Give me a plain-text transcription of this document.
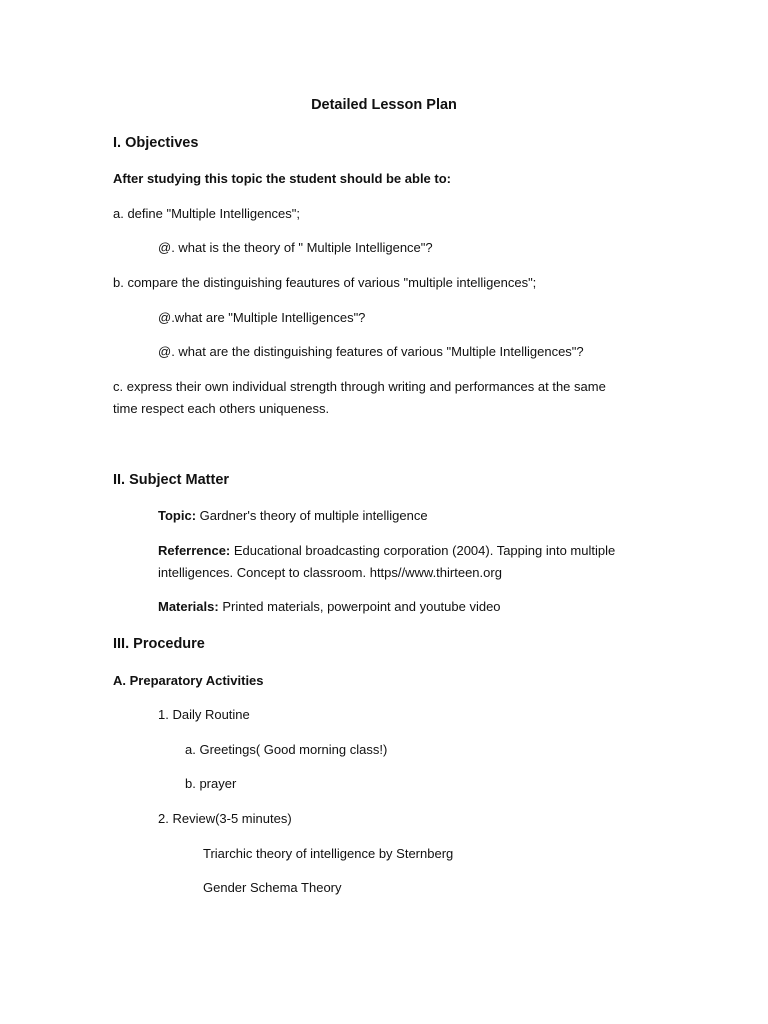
Detailed Lesson Plan
I. Objectives
After studying this topic the student should be able to:
a. define "Multiple Intelligences";
@. what is the theory of " Multiple Intelligence"?
b. compare the distinguishing feautures of various "multiple intelligences";
@.what are "Multiple Intelligences"?
@. what are the distinguishing features of various "Multiple Intelligences"?
c. express their own individual strength through writing and performances at the same
time respect each others uniqueness.
II. Subject Matter
Topic: Gardner's theory of multiple intelligence
Referrence: Educational broadcasting corporation (2004). Tapping into multiple
intelligences. Concept to classroom. https//www.thirteen.org
Materials: Printed materials, powerpoint and youtube video
III. Procedure
A. Preparatory Activities
1. Daily Routine
a. Greetings( Good morning class!)
b. prayer
2. Review(3-5 minutes)
Triarchic theory of intelligence by Sternberg
Gender Schema Theory
